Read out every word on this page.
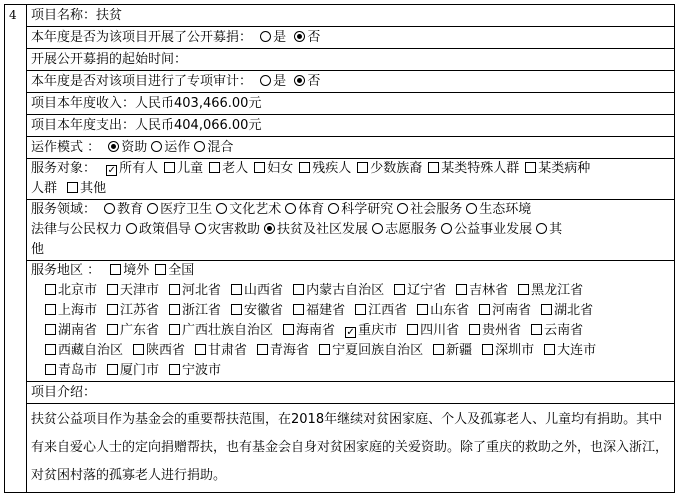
4	项目名称：扶贫
本年度是否为该项目开展了公开募捐： 是 否
开展公开募捐的起始时间：
本年度是否对该项目进行了专项审计： 是 否
项目本年度收入：人民币403,466.00元
项目本年度支出：人民币404,066.00元
运作模式 ： 资助 运作 混合
服务对象： ✓ 所有人 儿童 老人 妇女 残疾人 少数族裔 某类特殊人群 某类病种
人群 其他
服务领域： 教育 医疗卫生 文化艺术 体育 科学研究 社会服务 生态环境
法律与公民权力 政策倡导 灾害救助 扶贫及社区发展 志愿服务 公益事业发展 其
他
服务地区 ： 境外 全国
北京市 天津市 河北省 山西省 内蒙古自治区 辽宁省 吉林省 黑龙江省
上海市 江苏省 浙江省 安徽省 福建省 江西省 山东省 河南省 湖北省
湖南省 广东省 广西壮族自治区 海南省 ✓ 重庆市 四川省 贵州省 云南省
西藏自治区 陕西省 甘肃省 青海省 宁夏回族自治区 新疆 深圳市 大连市
青岛市 厦门市 宁波市
项目介绍：
扶贫公益项目作为基金会的重要帮扶范围，在2018年继续对贫困家庭、个人及孤寡老人、儿童均有捐助。其中有来自爱心人士的定向捐赠帮扶，也有基金会自身对贫困家庭的关爱资助。除了重庆的救助之外，也深入浙江，对贫困村落的孤寡老人进行捐助。
